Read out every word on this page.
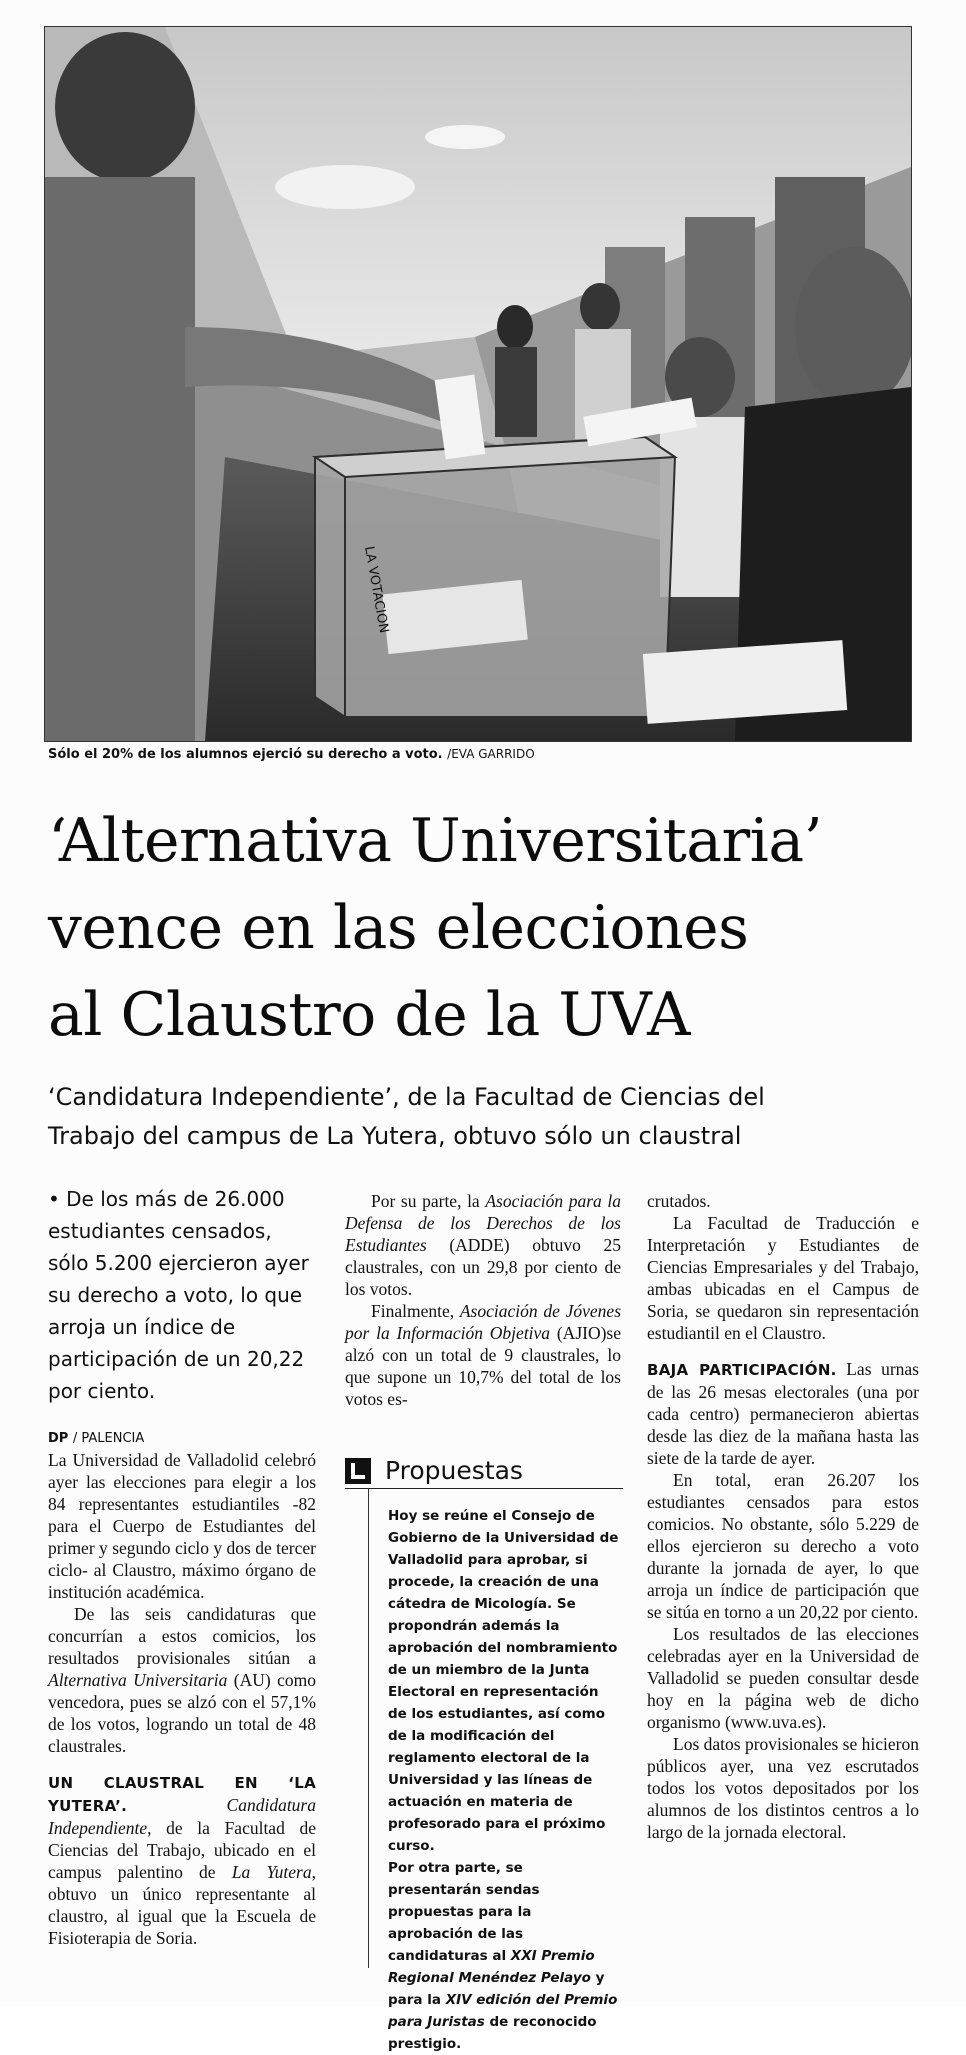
LA VOTACION
Sólo el 20% de los alumnos ejerció su derecho a voto. /EVA GARRIDO
‘Alternativa Universitaria’
vence en las elecciones
al Claustro de la UVA
‘Candidatura Independiente’, de la Facultad de Ciencias del
Trabajo del campus de La Yutera, obtuvo sólo un claustral

• De los más de 26.000 estudiantes censados, sólo 5.200 ejercieron ayer su derecho a voto, lo que arroja un índice de participación de un 20,22 por ciento.

DP / PALENCIA

La Universidad de Valladolid celebró ayer las elecciones para elegir a los 84 representantes estudiantiles -82 para el Cuerpo de Estudiantes del primer y segundo ciclo y dos de tercer ciclo- al Claustro, máximo órgano de institución académica.

De las seis candidaturas que concurrían a estos comicios, los resultados provisionales sitúan a Alternativa Universitaria (AU) como vencedora, pues se alzó con el 57,1% de los votos, logrando un total de 48 claustrales.

UN CLAUSTRAL EN ‘LA YUTERA’. Candidatura Independiente, de la Facultad de Ciencias del Trabajo, ubicado en el campus palentino de La Yutera, obtuvo un único representante al claustro, al igual que la Escuela de Fisioterapia de Soria.

Por su parte, la Asociación para la Defensa de los Derechos de los Estudiantes (ADDE) obtuvo 25 claustrales, con un 29,8 por ciento de los votos.

Finalmente, Asociación de Jóvenes por la Información Objetiva (AJIO)se alzó con un total de 9 claustrales, lo que supone un 10,7% del total de los votos es-

Propuestas

Hoy se reúne el Consejo de Gobierno de la Universidad de Valladolid para aprobar, si procede, la creación de una cátedra de Micología. Se propondrán además la aprobación del nombramiento de un miembro de la Junta Electoral en representación de los estudiantes, así como de la modificación del reglamento electoral de la Universidad y las líneas de actuación en materia de profesorado para el próximo curso.

Por otra parte, se presentarán sendas propuestas para la aprobación de las candidaturas al XXI Premio Regional Menéndez Pelayo y para la XIV edición del Premio para Juristas de reconocido prestigio.

crutados.

La Facultad de Traducción e Interpretación y Estudiantes de Ciencias Empresariales y del Trabajo, ambas ubicadas en el Campus de Soria, se quedaron sin representación estudiantil en el Claustro.

BAJA PARTICIPACIÓN. Las urnas de las 26 mesas electorales (una por cada centro) permanecieron abiertas desde las diez de la mañana hasta las siete de la tarde de ayer.

En total, eran 26.207 los estudiantes censados para estos comicios. No obstante, sólo 5.229 de ellos ejercieron su derecho a voto durante la jornada de ayer, lo que arroja un índice de participación que se sitúa en torno a un 20,22 por ciento.

Los resultados de las elecciones celebradas ayer en la Universidad de Valladolid se pueden consultar desde hoy en la página web de dicho organismo (www.uva.es).

Los datos provisionales se hicieron públicos ayer, una vez escrutados todos los votos depositados por los alumnos de los distintos centros a lo largo de la jornada electoral.
